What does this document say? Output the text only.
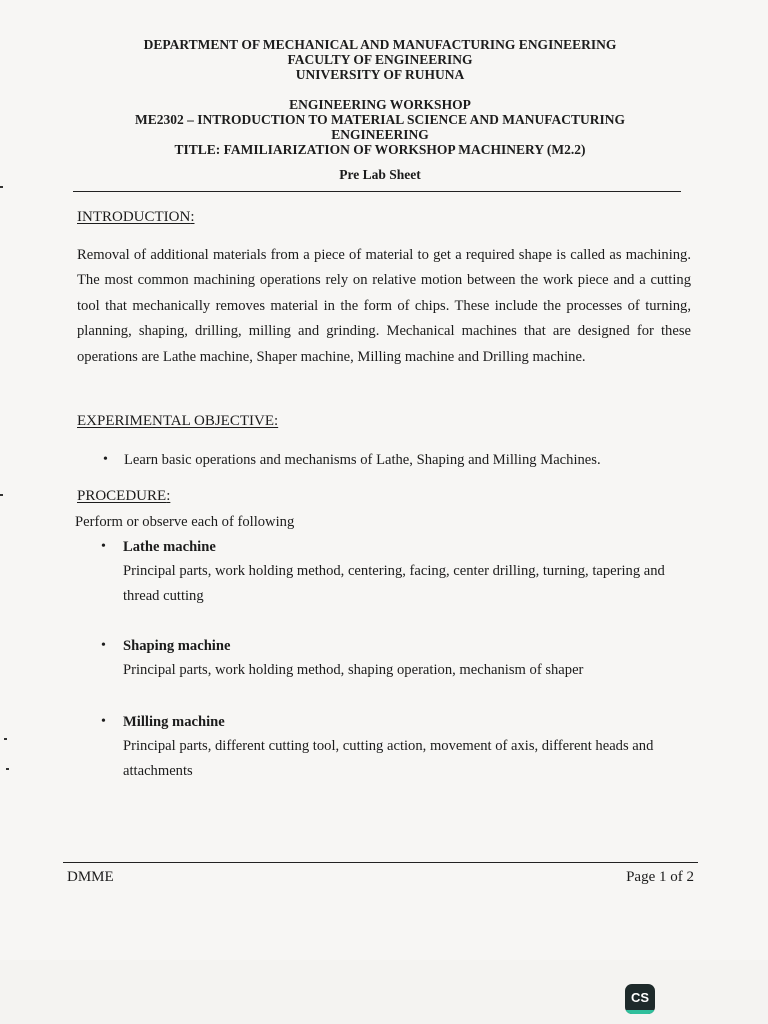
DEPARTMENT OF MECHANICAL AND MANUFACTURING ENGINEERING
FACULTY OF ENGINEERING
UNIVERSITY OF RUHUNA
ENGINEERING WORKSHOP
ME2302 – INTRODUCTION TO MATERIAL SCIENCE AND MANUFACTURING
ENGINEERING
TITLE: FAMILIARIZATION OF WORKSHOP MACHINERY (M2.2)
Pre Lab Sheet
INTRODUCTION:
Removal of additional materials from a piece of material to get a required shape is called as machining. The most common machining operations rely on relative motion between the work piece and a cutting tool that mechanically removes material in the form of chips. These include the processes of turning, planning, shaping, drilling, milling and grinding. Mechanical machines that are designed for these operations are Lathe machine, Shaper machine, Milling machine and Drilling machine.
EXPERIMENTAL OBJECTIVE:
• Learn basic operations and mechanisms of Lathe, Shaping and Milling Machines.
PROCEDURE:
Perform or observe each of following
• Lathe machine
Principal parts, work holding method, centering, facing, center drilling, turning, tapering and thread cutting
• Shaping machine
Principal parts, work holding method, shaping operation, mechanism of shaper
• Milling machine
Principal parts, different cutting tool, cutting action, movement of axis, different heads and attachments
DMME	Page 1 of 2
CS
